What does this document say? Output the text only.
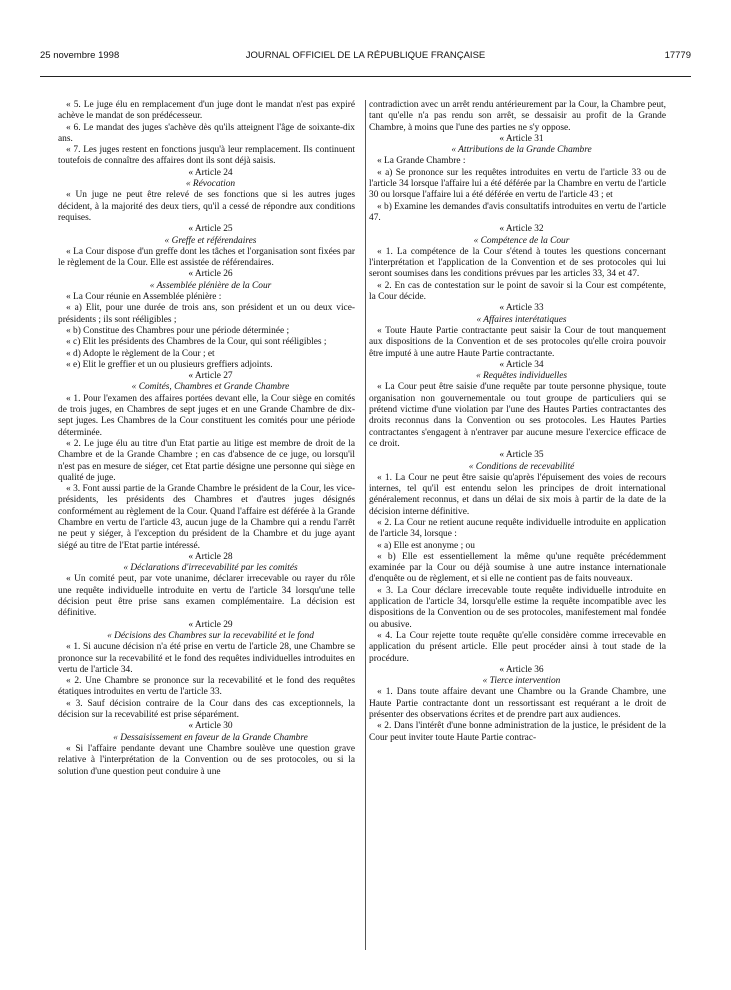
25 novembre 1998	JOURNAL OFFICIEL DE LA RÉPUBLIQUE FRANÇAISE	17779

« 5. Le juge élu en remplacement d'un juge dont le mandat n'est pas expiré achève le mandat de son prédécesseur.

« 6. Le mandat des juges s'achève dès qu'ils atteignent l'âge de soixante-dix ans.

« 7. Les juges restent en fonctions jusqu'à leur remplacement. Ils continuent toutefois de connaître des affaires dont ils sont déjà saisis.

« Article 24

« Révocation

« Un juge ne peut être relevé de ses fonctions que si les autres juges décident, à la majorité des deux tiers, qu'il a cessé de répondre aux conditions requises.

« Article 25

« Greffe et référendaires

« La Cour dispose d'un greffe dont les tâches et l'organisation sont fixées par le règlement de la Cour. Elle est assistée de référendaires.

« Article 26

« Assemblée plénière de la Cour

« La Cour réunie en Assemblée plénière :

« a) Elit, pour une durée de trois ans, son président et un ou deux vice-présidents ; ils sont rééligibles ;

« b) Constitue des Chambres pour une période déterminée ;

« c) Elit les présidents des Chambres de la Cour, qui sont rééligibles ;

« d) Adopte le règlement de la Cour ; et

« e) Elit le greffier et un ou plusieurs greffiers adjoints.

« Article 27

« Comités, Chambres et Grande Chambre

« 1. Pour l'examen des affaires portées devant elle, la Cour siège en comités de trois juges, en Chambres de sept juges et en une Grande Chambre de dix-sept juges. Les Chambres de la Cour constituent les comités pour une période déterminée.

« 2. Le juge élu au titre d'un Etat partie au litige est membre de droit de la Chambre et de la Grande Chambre ; en cas d'absence de ce juge, ou lorsqu'il n'est pas en mesure de siéger, cet Etat partie désigne une personne qui siège en qualité de juge.

« 3. Font aussi partie de la Grande Chambre le président de la Cour, les vice-présidents, les présidents des Chambres et d'autres juges désignés conformément au règlement de la Cour. Quand l'affaire est déférée à la Grande Chambre en vertu de l'article 43, aucun juge de la Chambre qui a rendu l'arrêt ne peut y siéger, à l'exception du président de la Chambre et du juge ayant siégé au titre de l'Etat partie intéressé.

« Article 28

« Déclarations d'irrecevabilité par les comités

« Un comité peut, par vote unanime, déclarer irrecevable ou rayer du rôle une requête individuelle introduite en vertu de l'article 34 lorsqu'une telle décision peut être prise sans examen complémentaire. La décision est définitive.

« Article 29

« Décisions des Chambres sur la recevabilité et le fond

« 1. Si aucune décision n'a été prise en vertu de l'article 28, une Chambre se prononce sur la recevabilité et le fond des requêtes individuelles introduites en vertu de l'article 34.

« 2. Une Chambre se prononce sur la recevabilité et le fond des requêtes étatiques introduites en vertu de l'article 33.

« 3. Sauf décision contraire de la Cour dans des cas exceptionnels, la décision sur la recevabilité est prise séparément.

« Article 30

« Dessaisissement en faveur de la Grande Chambre

« Si l'affaire pendante devant une Chambre soulève une question grave relative à l'interprétation de la Convention ou de ses protocoles, ou si la solution d'une question peut conduire à une

contradiction avec un arrêt rendu antérieurement par la Cour, la Chambre peut, tant qu'elle n'a pas rendu son arrêt, se dessaisir au profit de la Grande Chambre, à moins que l'une des parties ne s'y oppose.

« Article 31

« Attributions de la Grande Chambre

« La Grande Chambre :

« a) Se prononce sur les requêtes introduites en vertu de l'article 33 ou de l'article 34 lorsque l'affaire lui a été déférée par la Chambre en vertu de l'article 30 ou lorsque l'affaire lui a été déférée en vertu de l'article 43 ; et

« b) Examine les demandes d'avis consultatifs introduites en vertu de l'article 47.

« Article 32

« Compétence de la Cour

« 1. La compétence de la Cour s'étend à toutes les questions concernant l'interprétation et l'application de la Convention et de ses protocoles qui lui seront soumises dans les conditions prévues par les articles 33, 34 et 47.

« 2. En cas de contestation sur le point de savoir si la Cour est compétente, la Cour décide.

« Article 33

« Affaires interétatiques

« Toute Haute Partie contractante peut saisir la Cour de tout manquement aux dispositions de la Convention et de ses protocoles qu'elle croira pouvoir être imputé à une autre Haute Partie contractante.

« Article 34

« Requêtes individuelles

« La Cour peut être saisie d'une requête par toute personne physique, toute organisation non gouvernementale ou tout groupe de particuliers qui se prétend victime d'une violation par l'une des Hautes Parties contractantes des droits reconnus dans la Convention ou ses protocoles. Les Hautes Parties contractantes s'engagent à n'entraver par aucune mesure l'exercice efficace de ce droit.

« Article 35

« Conditions de recevabilité

« 1. La Cour ne peut être saisie qu'après l'épuisement des voies de recours internes, tel qu'il est entendu selon les principes de droit international généralement reconnus, et dans un délai de six mois à partir de la date de la décision interne définitive.

« 2. La Cour ne retient aucune requête individuelle introduite en application de l'article 34, lorsque :

« a) Elle est anonyme ; ou

« b) Elle est essentiellement la même qu'une requête précédemment examinée par la Cour ou déjà soumise à une autre instance internationale d'enquête ou de règlement, et si elle ne contient pas de faits nouveaux.

« 3. La Cour déclare irrecevable toute requête individuelle introduite en application de l'article 34, lorsqu'elle estime la requête incompatible avec les dispositions de la Convention ou de ses protocoles, manifestement mal fondée ou abusive.

« 4. La Cour rejette toute requête qu'elle considère comme irrecevable en application du présent article. Elle peut procéder ainsi à tout stade de la procédure.

« Article 36

« Tierce intervention

« 1. Dans toute affaire devant une Chambre ou la Grande Chambre, une Haute Partie contractante dont un ressortissant est requérant a le droit de présenter des observations écrites et de prendre part aux audiences.

« 2. Dans l'intérêt d'une bonne administration de la justice, le président de la Cour peut inviter toute Haute Partie contrac-
